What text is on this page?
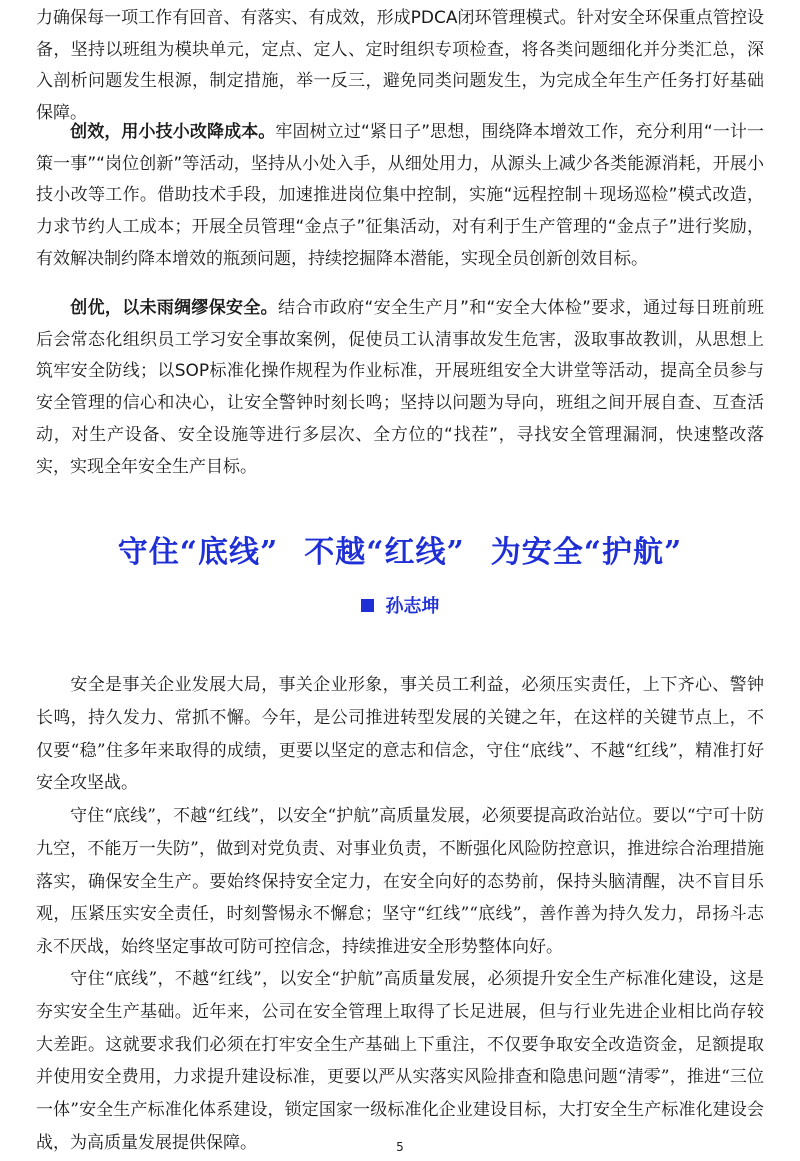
力确保每一项工作有回音、有落实、有成效，形成PDCA闭环管理模式。针对安全环保重点管控设备，坚持以班组为模块单元，定点、定人、定时组织专项检查，将各类问题细化并分类汇总，深入剖析问题发生根源，制定措施，举一反三，避免同类问题发生，为完成全年生产任务打好基础保障。

创效，用小技小改降成本。牢固树立过“紧日子”思想，围绕降本增效工作，充分利用“一计一策一事”“岗位创新”等活动，坚持从小处入手，从细处用力，从源头上减少各类能源消耗，开展小技小改等工作。借助技术手段，加速推进岗位集中控制，实施“远程控制＋现场巡检”模式改造，力求节约人工成本；开展全员管理“金点子”征集活动，对有利于生产管理的“金点子”进行奖励，有效解决制约降本增效的瓶颈问题，持续挖掘降本潜能，实现全员创新创效目标。

创优，以未雨绸缪保安全。结合市政府“安全生产月”和“安全大体检”要求，通过每日班前班后会常态化组织员工学习安全事故案例，促使员工认清事故发生危害，汲取事故教训，从思想上筑牢安全防线；以SOP标准化操作规程为作业标准，开展班组安全大讲堂等活动，提高全员参与安全管理的信心和决心，让安全警钟时刻长鸣；坚持以问题为导向，班组之间开展自查、互查活动，对生产设备、安全设施等进行多层次、全方位的“找茬”，寻找安全管理漏洞，快速整改落实，实现全年安全生产目标。

守住“底线” 不越“红线” 为安全“护航”
孙志坤

安全是事关企业发展大局，事关企业形象，事关员工利益，必须压实责任，上下齐心、警钟长鸣，持久发力、常抓不懈。今年，是公司推进转型发展的关键之年，在这样的关键节点上，不仅要“稳”住多年来取得的成绩，更要以坚定的意志和信念，守住“底线”、不越“红线”，精准打好安全攻坚战。

守住“底线”，不越“红线”，以安全“护航”高质量发展，必须要提高政治站位。要以“宁可十防九空，不能万一失防”，做到对党负责、对事业负责，不断强化风险防控意识，推进综合治理措施落实，确保安全生产。要始终保持安全定力，在安全向好的态势前，保持头脑清醒，决不盲目乐观，压紧压实安全责任，时刻警惕永不懈怠；坚守“红线”“底线”，善作善为持久发力，昂扬斗志永不厌战，始终坚定事故可防可控信念，持续推进安全形势整体向好。

守住“底线”，不越“红线”，以安全“护航”高质量发展，必须提升安全生产标准化建设，这是夯实安全生产基础。近年来，公司在安全管理上取得了长足进展，但与行业先进企业相比尚存较大差距。这就要求我们必须在打牢安全生产基础上下重注，不仅要争取安全改造资金，足额提取并使用安全费用，力求提升建设标准，更要以严从实落实风险排查和隐患问题“清零”，推进“三位一体”安全生产标准化体系建设，锁定国家一级标准化企业建设目标，大打安全生产标准化建设会战，为高质量发展提供保障。	5
